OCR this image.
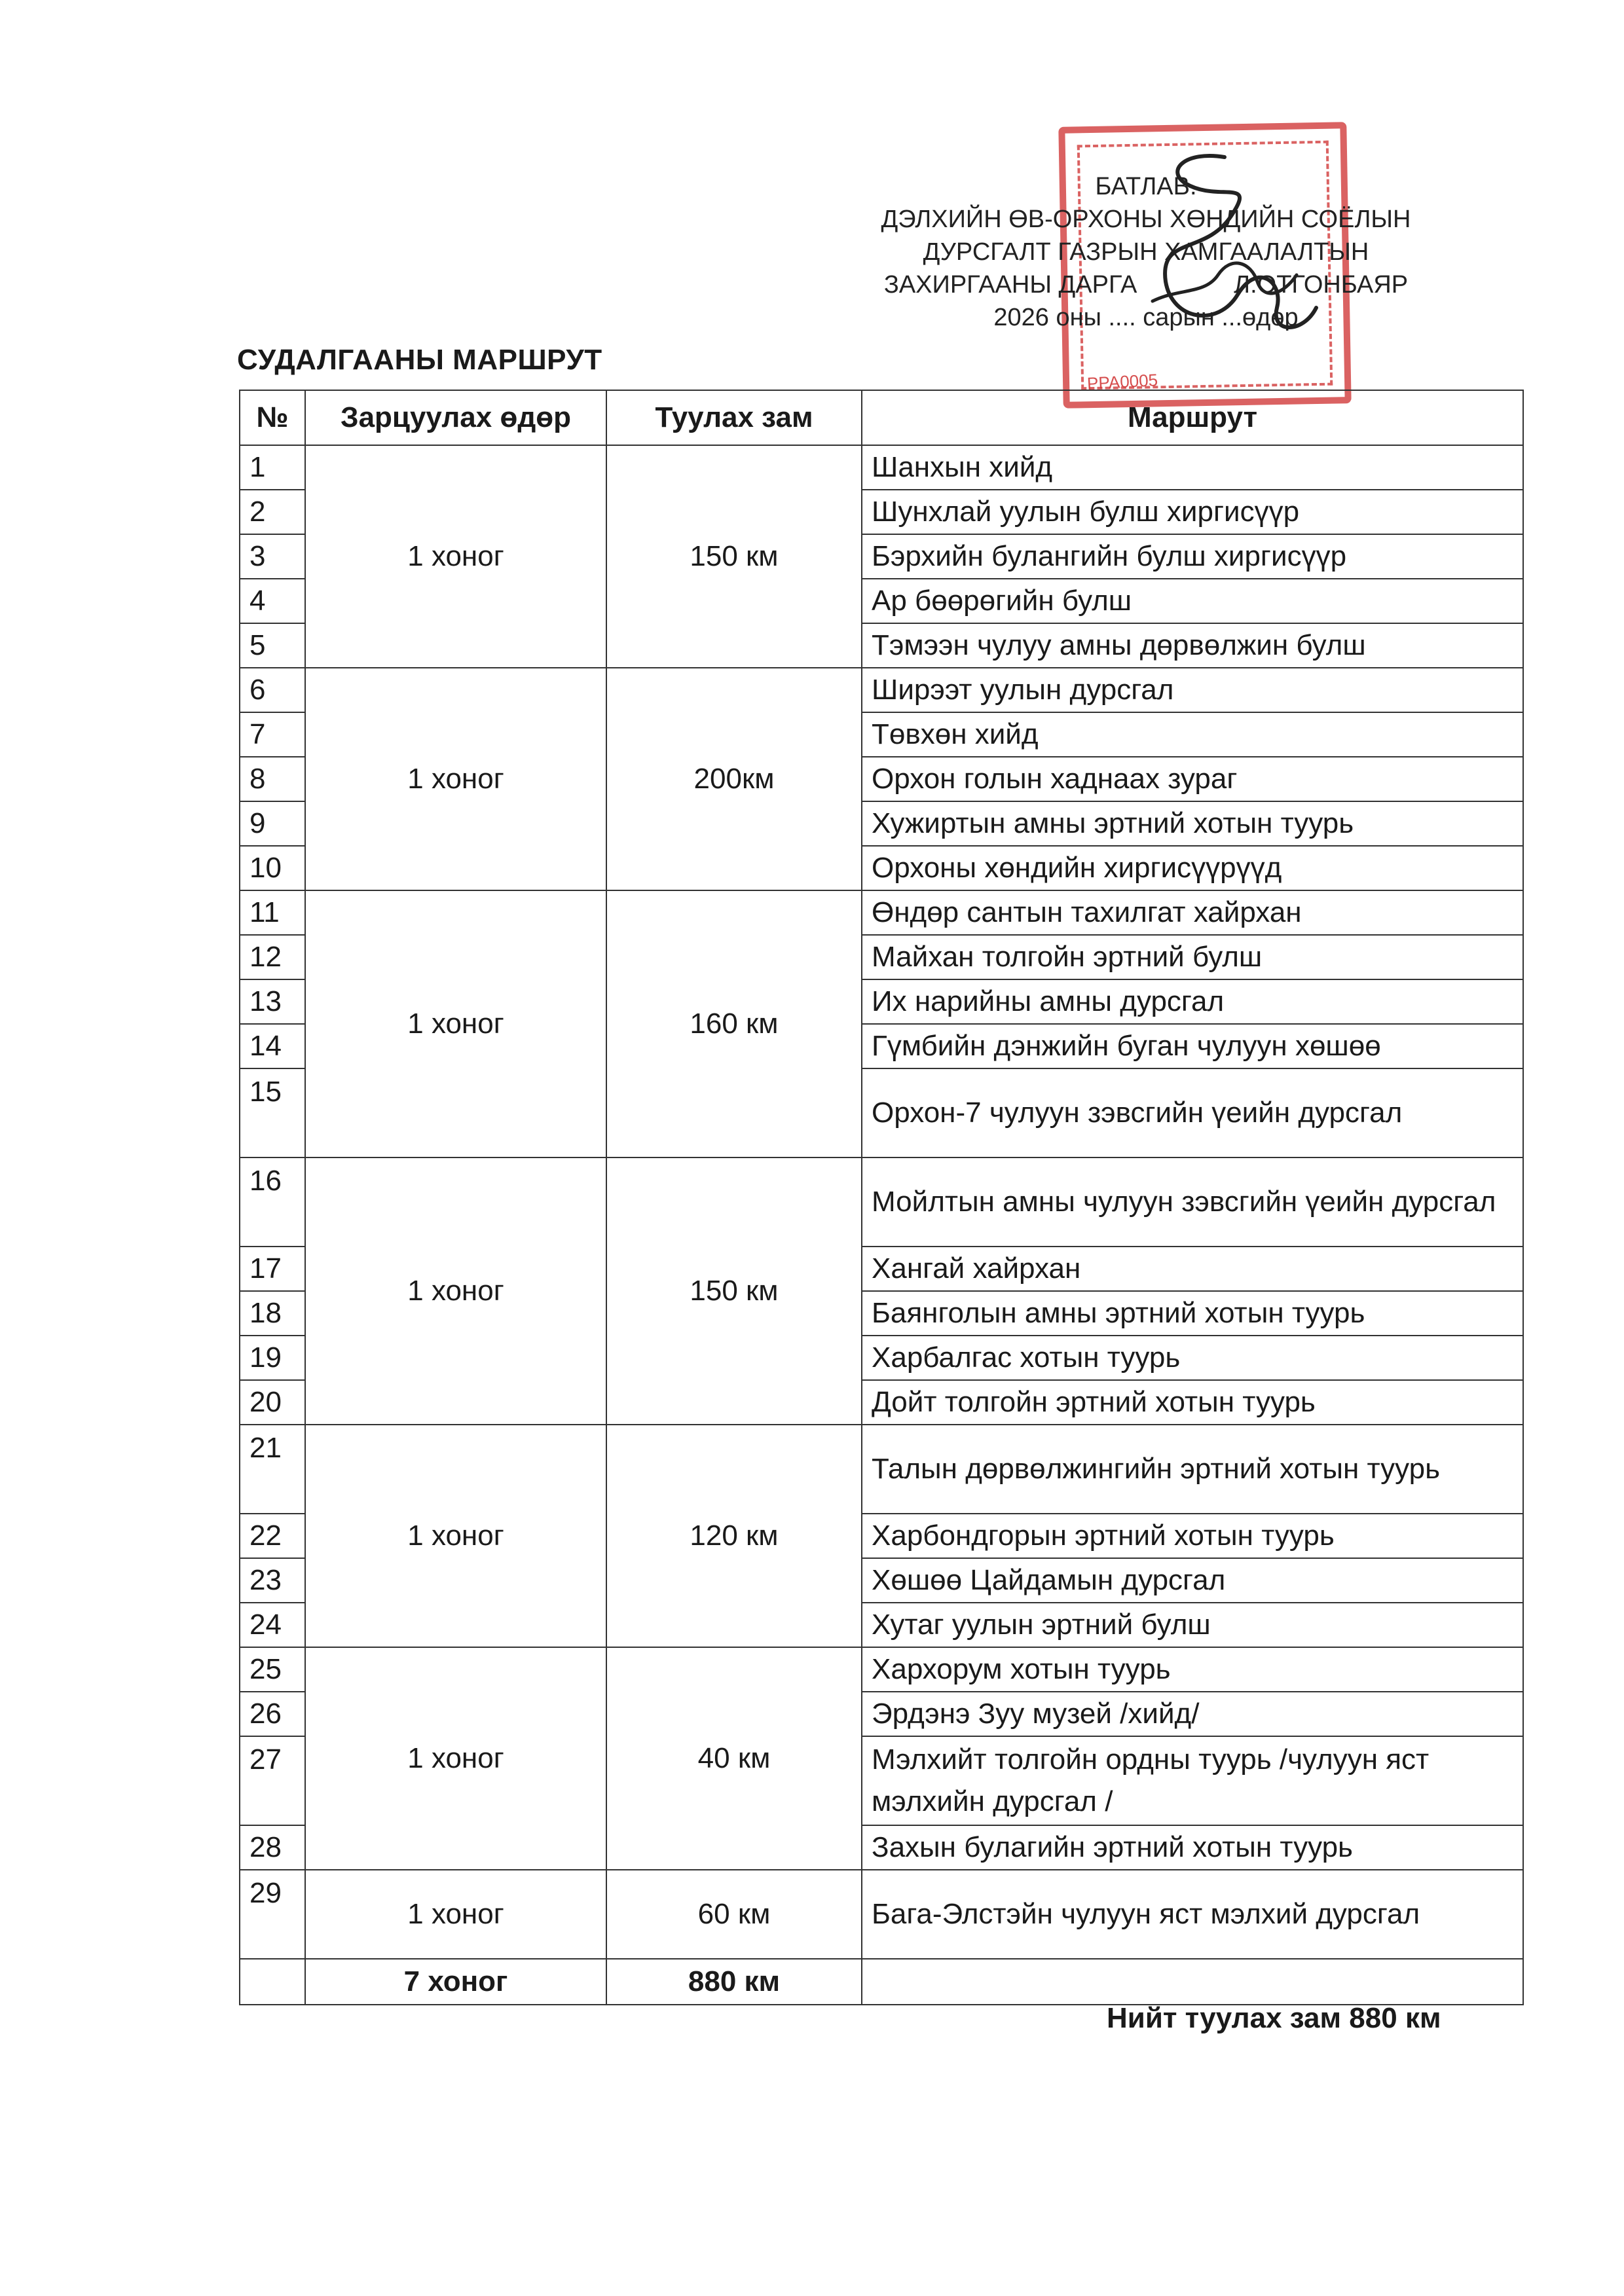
РРА0005
БАТЛАВ.
ДЭЛХИЙН ӨВ-ОРХОНЫ ХӨНДИЙН СОЁЛЫН
ДУРСГАЛТ ГАЗРЫН ХАМГААЛАЛТЫН
ЗАХИРГААНЫ ДАРГА              Л.ОТГОНБАЯР
2026 оны .... сарын ...өдөр
СУДАЛГААНЫ МАРШРУТ
№	Зарцуулах өдөр	Туулах зам	Маршрут
1	1 хоног	150 км	Шанхын хийд
2			Шунхлай уулын булш хиргисүүр
3			Бэрхийн булангийн булш хиргисүүр
4			Ар бөөрөгийн булш
5			Тэмээн чулуу амны дөрвөлжин булш
6	1 хоног	200км	Ширээт уулын дурсгал
7			Төвхөн хийд
8			Орхон голын хаднаах зураг
9			Хужиртын амны эртний хотын туурь
10			Орхоны хөндийн хиргисүүрүүд
11	1 хоног	160 км	Өндөр сантын тахилгат хайрхан
12			Майхан толгойн эртний булш
13			Их нарийны амны дурсгал
14			Гүмбийн дэнжийн буган чулуун хөшөө
15			Орхон-7 чулуун зэвсгийн үеийн дурсгал
16	1 хоног	150 км	Мойлтын амны чулуун зэвсгийн үеийн дурсгал
17			Хангай хайрхан
18			Баянголын амны эртний хотын туурь
19			Харбалгас хотын туурь
20			Дойт толгойн эртний хотын туурь
21	1 хоног	120 км	Талын дөрвөлжингийн эртний хотын туурь
22			Харбондгорын эртний хотын туурь
23			Хөшөө Цайдамын дурсгал
24			Хутаг уулын эртний булш
25	1 хоног	40 км	Хархорум хотын туурь
26			Эрдэнэ Зуу музей /хийд/
27			Мэлхийт толгойн ордны туурь /чулуун яст мэлхийн дурсгал /
28			Захын булагийн эртний хотын туурь
29	1 хоног	60 км	Бага-Элстэйн чулуун яст мэлхий дурсгал
	7 хоног	880 км	
Нийт туулах зам 880 км
